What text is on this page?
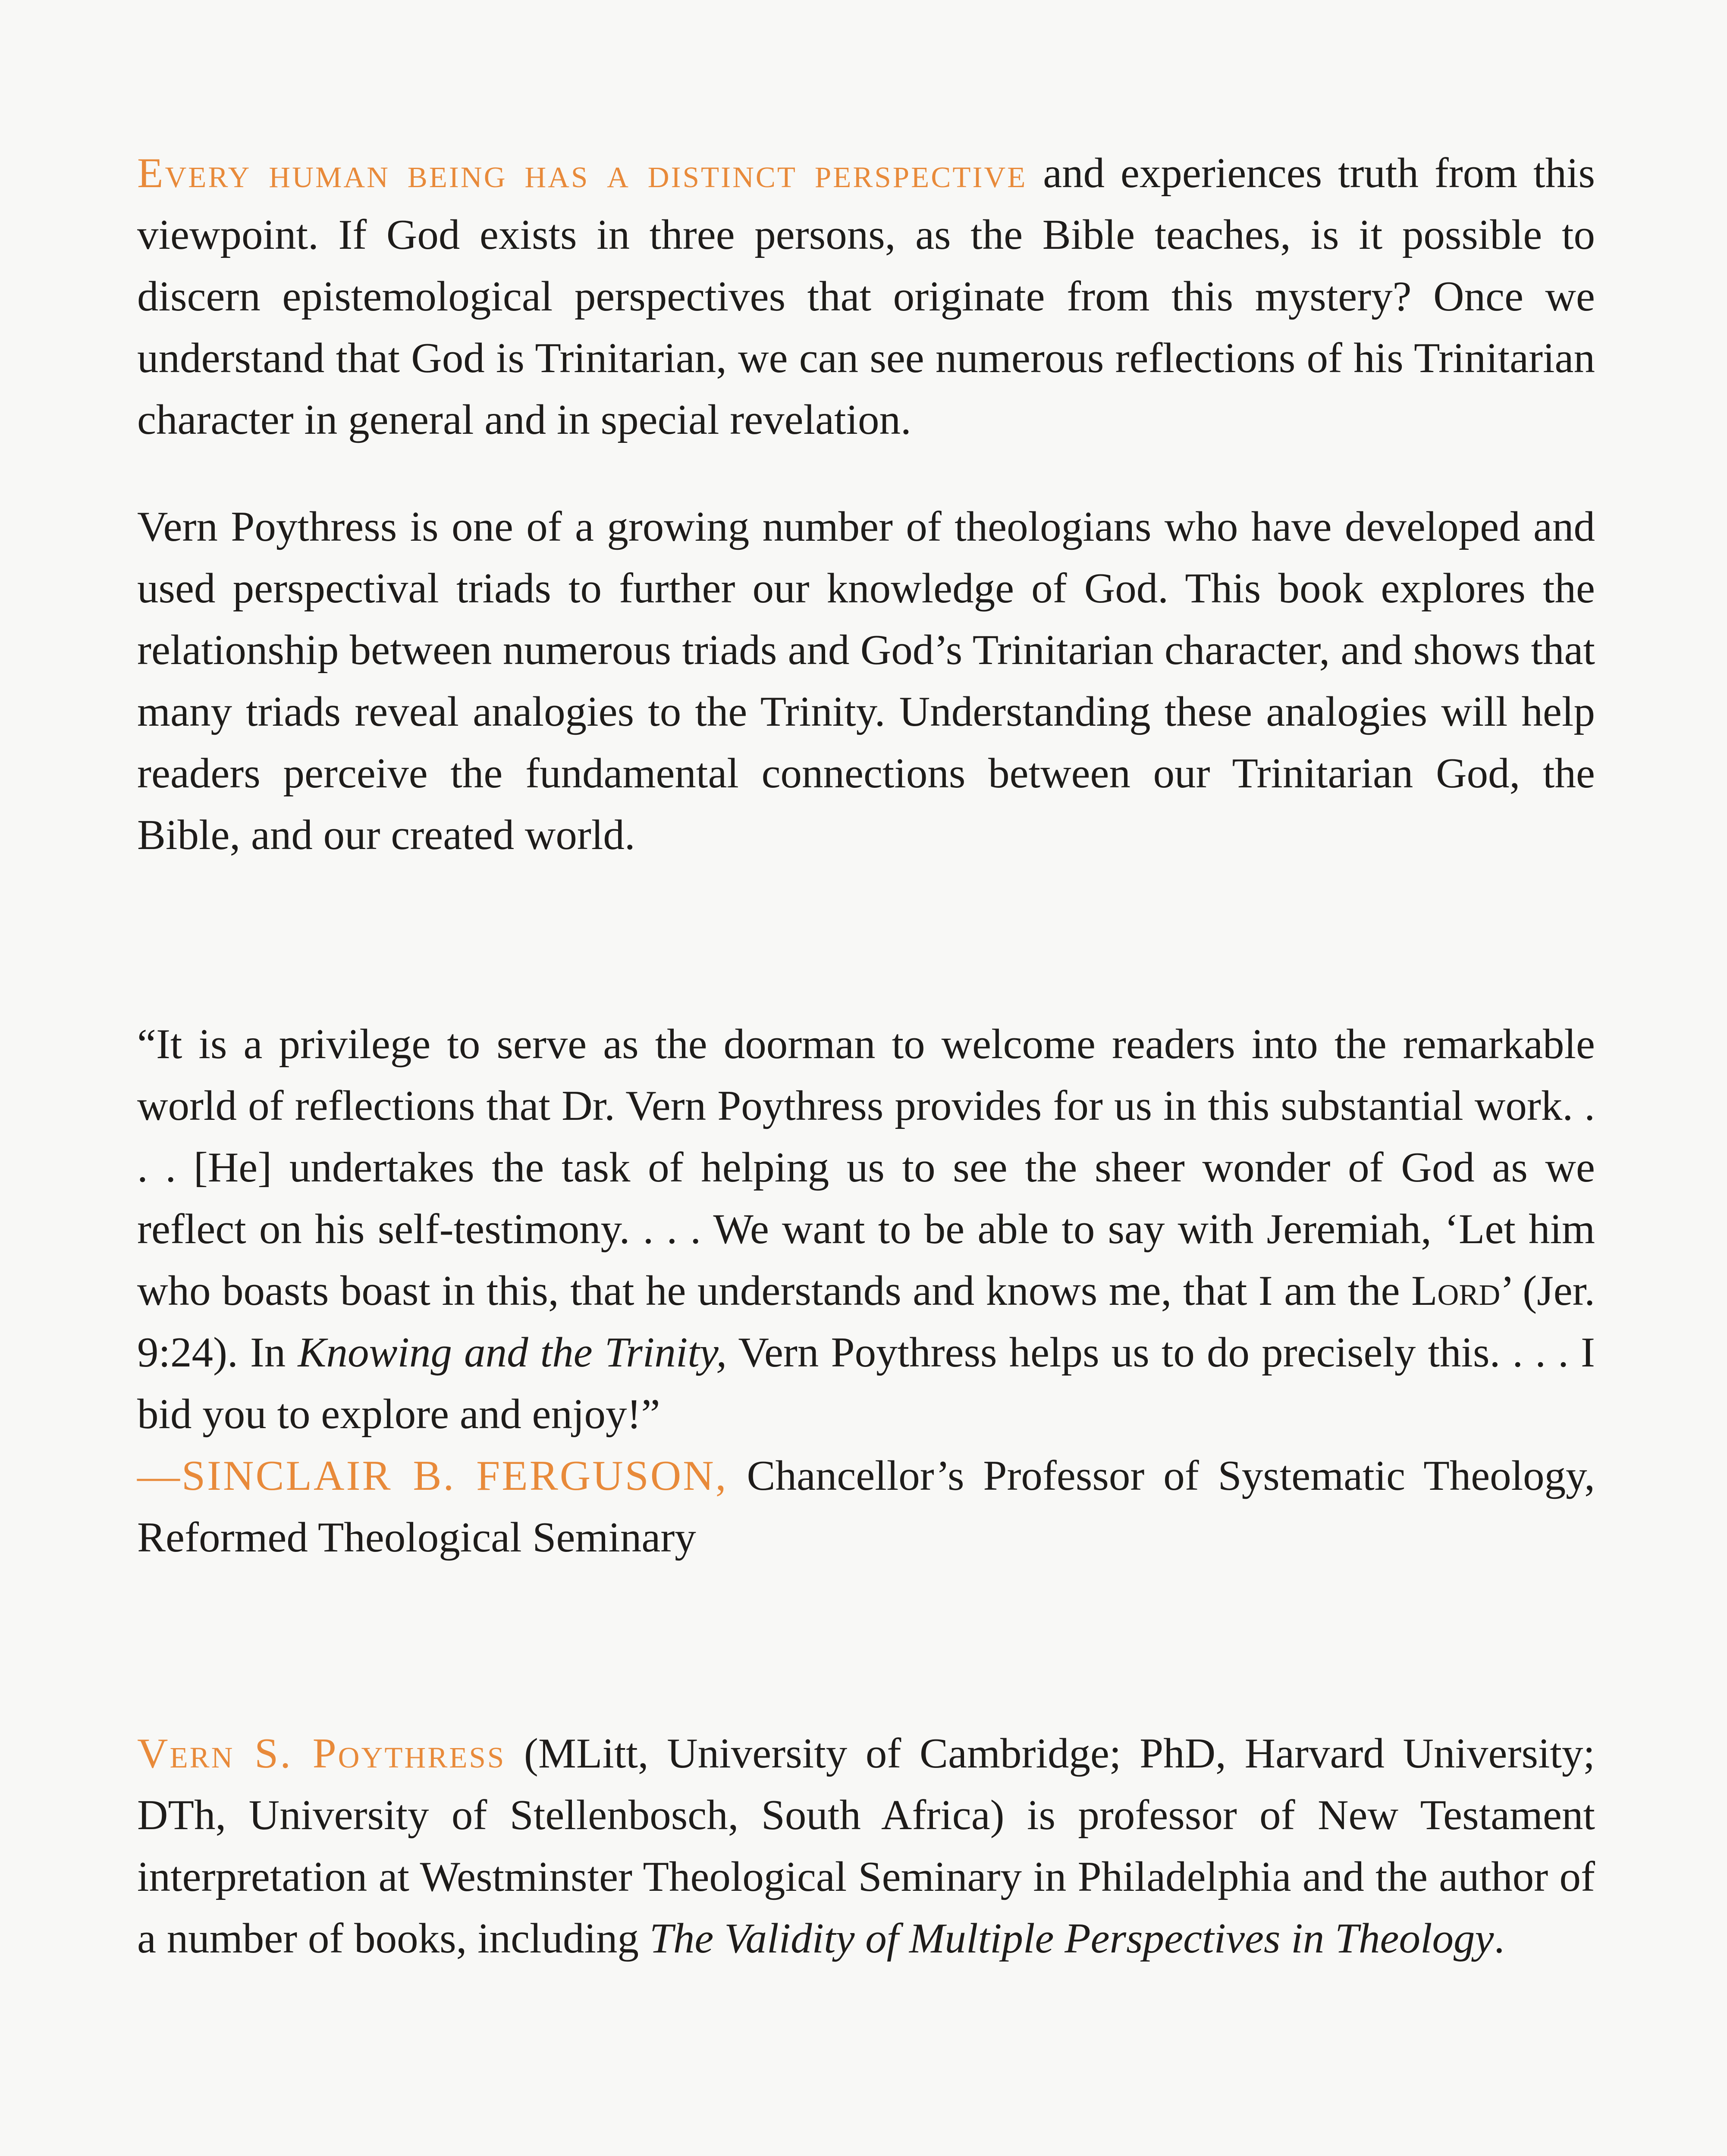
Every human being has a distinct perspective and experiences truth from this viewpoint. If God exists in three persons, as the Bible teaches, is it possible to discern epistemological perspectives that originate from this mystery? Once we understand that God is Trinitarian, we can see numerous reflections of his Trinitarian character in general and in special revelation.

Vern Poythress is one of a growing number of theologians who have developed and used perspectival triads to further our knowledge of God. This book explores the relationship between numerous triads and God’s Trinitarian character, and shows that many triads reveal analogies to the Trinity. Understanding these analogies will help readers perceive the fundamental connections between our Trinitarian God, the Bible, and our created world.

“It is a privilege to serve as the doorman to welcome readers into the remarkable world of reflections that Dr. Vern Poythress provides for us in this substantial work. . . . [He] undertakes the task of helping us to see the sheer wonder of God as we reflect on his self-testimony. . . . We want to be able to say with Jeremiah, ‘Let him who boasts boast in this, that he understands and knows me, that I am the Lord’ (Jer. 9:24). In Knowing and the Trinity, Vern Poythress helps us to do precisely this. . . . I bid you to explore and enjoy!”
—SINCLAIR B. FERGUSON, Chancellor’s Professor of Systematic Theology, Reformed Theological Seminary

Vern S. Poythress (MLitt, University of Cambridge; PhD, Harvard University; DTh, University of Stellenbosch, South Africa) is professor of New Testament interpretation at Westminster Theological Seminary in Philadelphia and the author of a number of books, including The Validity of Multiple Perspectives in Theology.
